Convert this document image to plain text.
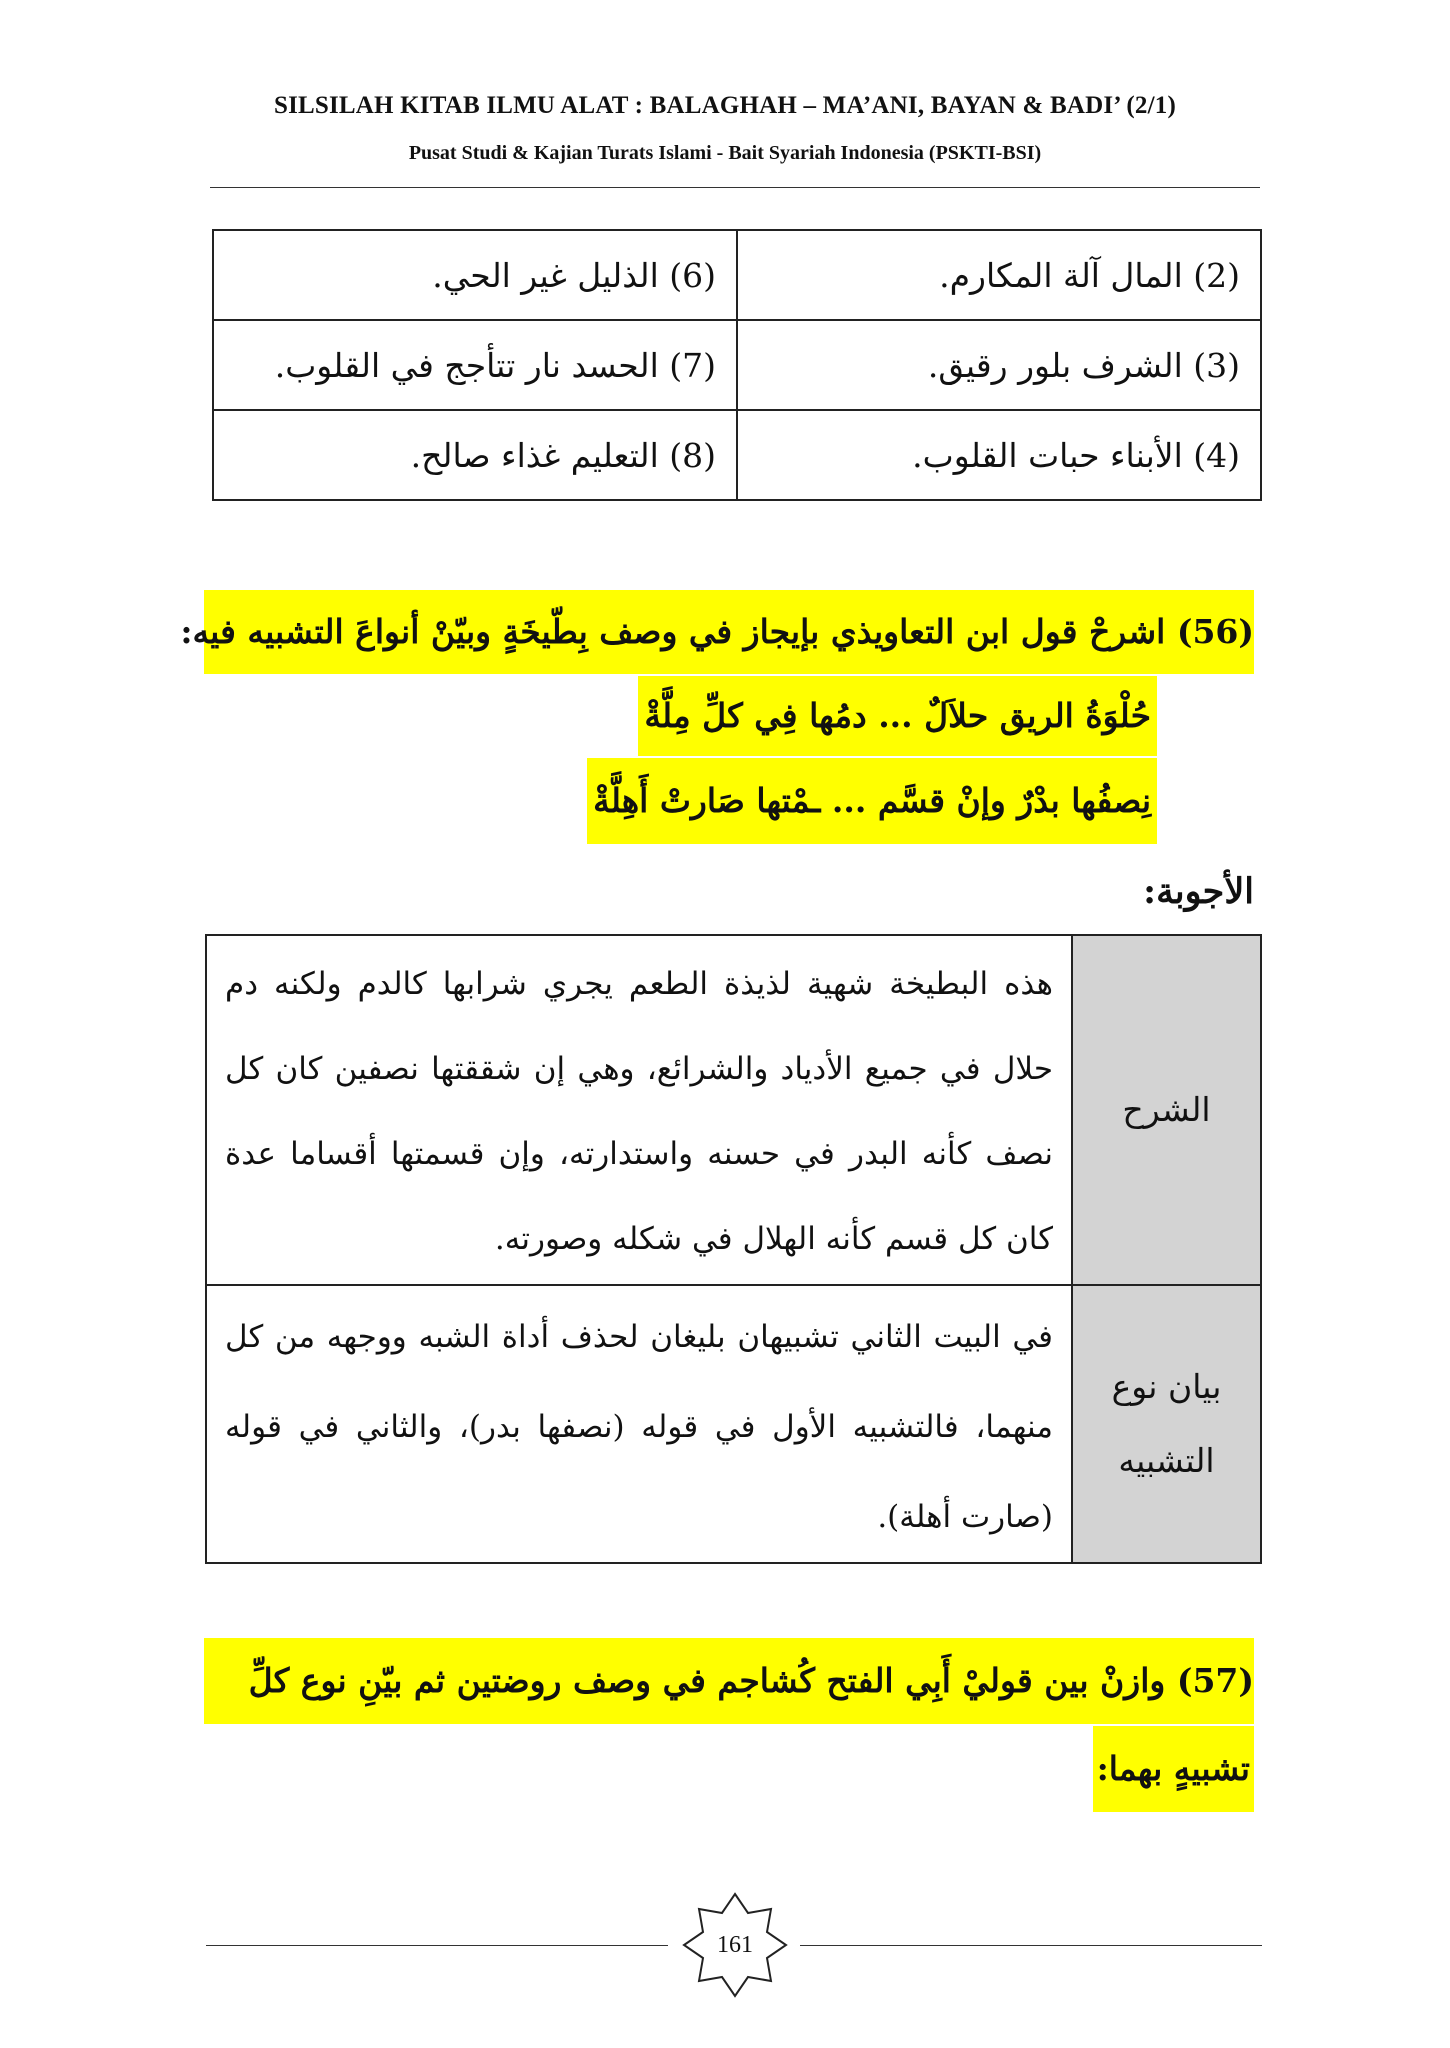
SILSILAH KITAB ILMU ALAT : BALAGHAH – MA’ANI, BAYAN & BADI’ (2/1)
Pusat Studi & Kajian Turats Islami - Bait Syariah Indonesia (PSKTI-BSI)
(2) المال آلة المكارم.	(6) الذليل غير الحي.
(3) الشرف بلور رقيق.	(7) الحسد نار تتأجج في القلوب.
(4) الأبناء حبات القلوب.	(8) التعليم غذاء صالح.
(56) اشرحْ قول ابن التعاويذي بإيجاز في وصف بِطّيخَةٍ وبيّنْ أنواعَ التشبيه فيه:
حُلْوَةُ الريق حلاَلٌ ... دمُها فِي كلِّ مِلَّةْ
نِصفُها بدْرٌ وإنْ قسَّم ... ـمْتها صَارتْ أَهِلَّةْ
الأجوبة:
الشرح	هذه البطيخة شهية لذيذة الطعم يجري شرابها كالدم ولكنه دم حلال في جميع الأدياد والشرائع، وهي إن شققتها نصفين كان كل نصف كأنه البدر في حسنه واستدارته، وإن قسمتها أقساما عدة كان كل قسم كأنه الهلال في شكله وصورته.
بيان نوع التشبيه	في البيت الثاني تشبيهان بليغان لحذف أداة الشبه ووجهه من كل منهما، فالتشبيه الأول في قوله (نصفها بدر)، والثاني في قوله (صارت أهلة).
(57) وازنْ بين قوليْ أَبِي الفتح كُشاجم في وصف روضتين ثم بيّنِ نوع كلِّ
تشبيهٍ بهما:
161
